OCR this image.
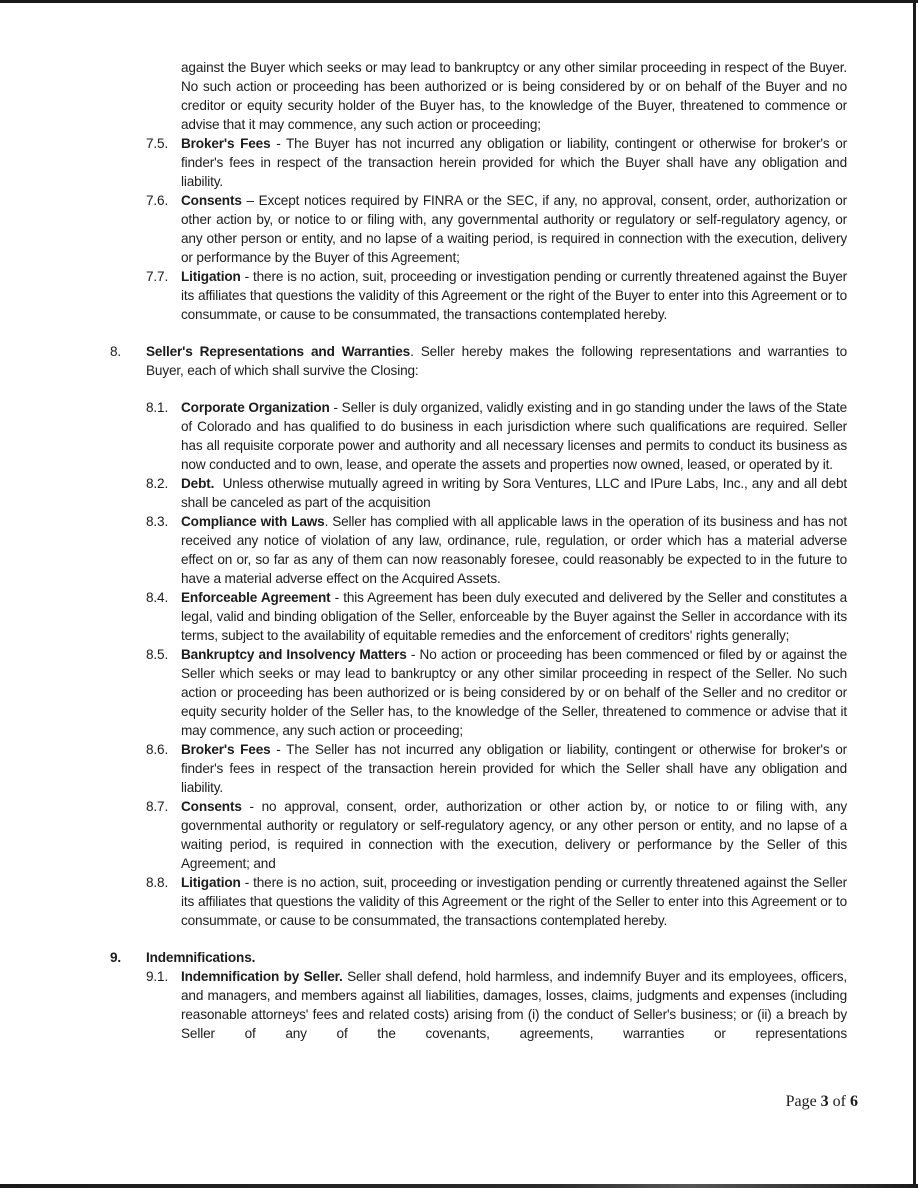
against the Buyer which seeks or may lead to bankruptcy or any other similar proceeding in respect of the Buyer. No such action or proceeding has been authorized or is being considered by or on behalf of the Buyer and no creditor or equity security holder of the Buyer has, to the knowledge of the Buyer, threatened to commence or advise that it may commence, any such action or proceeding;
7.5. Broker's Fees - The Buyer has not incurred any obligation or liability, contingent or otherwise for broker's or finder's fees in respect of the transaction herein provided for which the Buyer shall have any obligation and liability.
7.6. Consents – Except notices required by FINRA or the SEC, if any, no approval, consent, order, authorization or other action by, or notice to or filing with, any governmental authority or regulatory or self-regulatory agency, or any other person or entity, and no lapse of a waiting period, is required in connection with the execution, delivery or performance by the Buyer of this Agreement;
7.7. Litigation - there is no action, suit, proceeding or investigation pending or currently threatened against the Buyer its affiliates that questions the validity of this Agreement or the right of the Buyer to enter into this Agreement or to consummate, or cause to be consummated, the transactions contemplated hereby.
8.	Seller's Representations and Warranties. Seller hereby makes the following representations and warranties to Buyer, each of which shall survive the Closing:
8.1. Corporate Organization - Seller is duly organized, validly existing and in go standing under the laws of the State of Colorado and has qualified to do business in each jurisdiction where such qualifications are required. Seller has all requisite corporate power and authority and all necessary licenses and permits to conduct its business as now conducted and to own, lease, and operate the assets and properties now owned, leased, or operated by it.
8.2. Debt. Unless otherwise mutually agreed in writing by Sora Ventures, LLC and IPure Labs, Inc., any and all debt shall be canceled as part of the acquisition
8.3. Compliance with Laws. Seller has complied with all applicable laws in the operation of its business and has not received any notice of violation of any law, ordinance, rule, regulation, or order which has a material adverse effect on or, so far as any of them can now reasonably foresee, could reasonably be expected to in the future to have a material adverse effect on the Acquired Assets.
8.4. Enforceable Agreement - this Agreement has been duly executed and delivered by the Seller and constitutes a legal, valid and binding obligation of the Seller, enforceable by the Buyer against the Seller in accordance with its terms, subject to the availability of equitable remedies and the enforcement of creditors' rights generally;
8.5. Bankruptcy and Insolvency Matters - No action or proceeding has been commenced or filed by or against the Seller which seeks or may lead to bankruptcy or any other similar proceeding in respect of the Seller. No such action or proceeding has been authorized or is being considered by or on behalf of the Seller and no creditor or equity security holder of the Seller has, to the knowledge of the Seller, threatened to commence or advise that it may commence, any such action or proceeding;
8.6. Broker's Fees - The Seller has not incurred any obligation or liability, contingent or otherwise for broker's or finder's fees in respect of the transaction herein provided for which the Seller shall have any obligation and liability.
8.7. Consents - no approval, consent, order, authorization or other action by, or notice to or filing with, any governmental authority or regulatory or self-regulatory agency, or any other person or entity, and no lapse of a waiting period, is required in connection with the execution, delivery or performance by the Seller of this Agreement; and
8.8. Litigation - there is no action, suit, proceeding or investigation pending or currently threatened against the Seller its affiliates that questions the validity of this Agreement or the right of the Seller to enter into this Agreement or to consummate, or cause to be consummated, the transactions contemplated hereby.
9.	Indemnifications.
9.1. Indemnification by Seller. Seller shall defend, hold harmless, and indemnify Buyer and its employees, officers, and managers, and members against all liabilities, damages, losses, claims, judgments and expenses (including reasonable attorneys' fees and related costs) arising from (i) the conduct of Seller's business; or (ii) a breach by Seller of any of the covenants, agreements, warranties or representations
Page 3 of 6
